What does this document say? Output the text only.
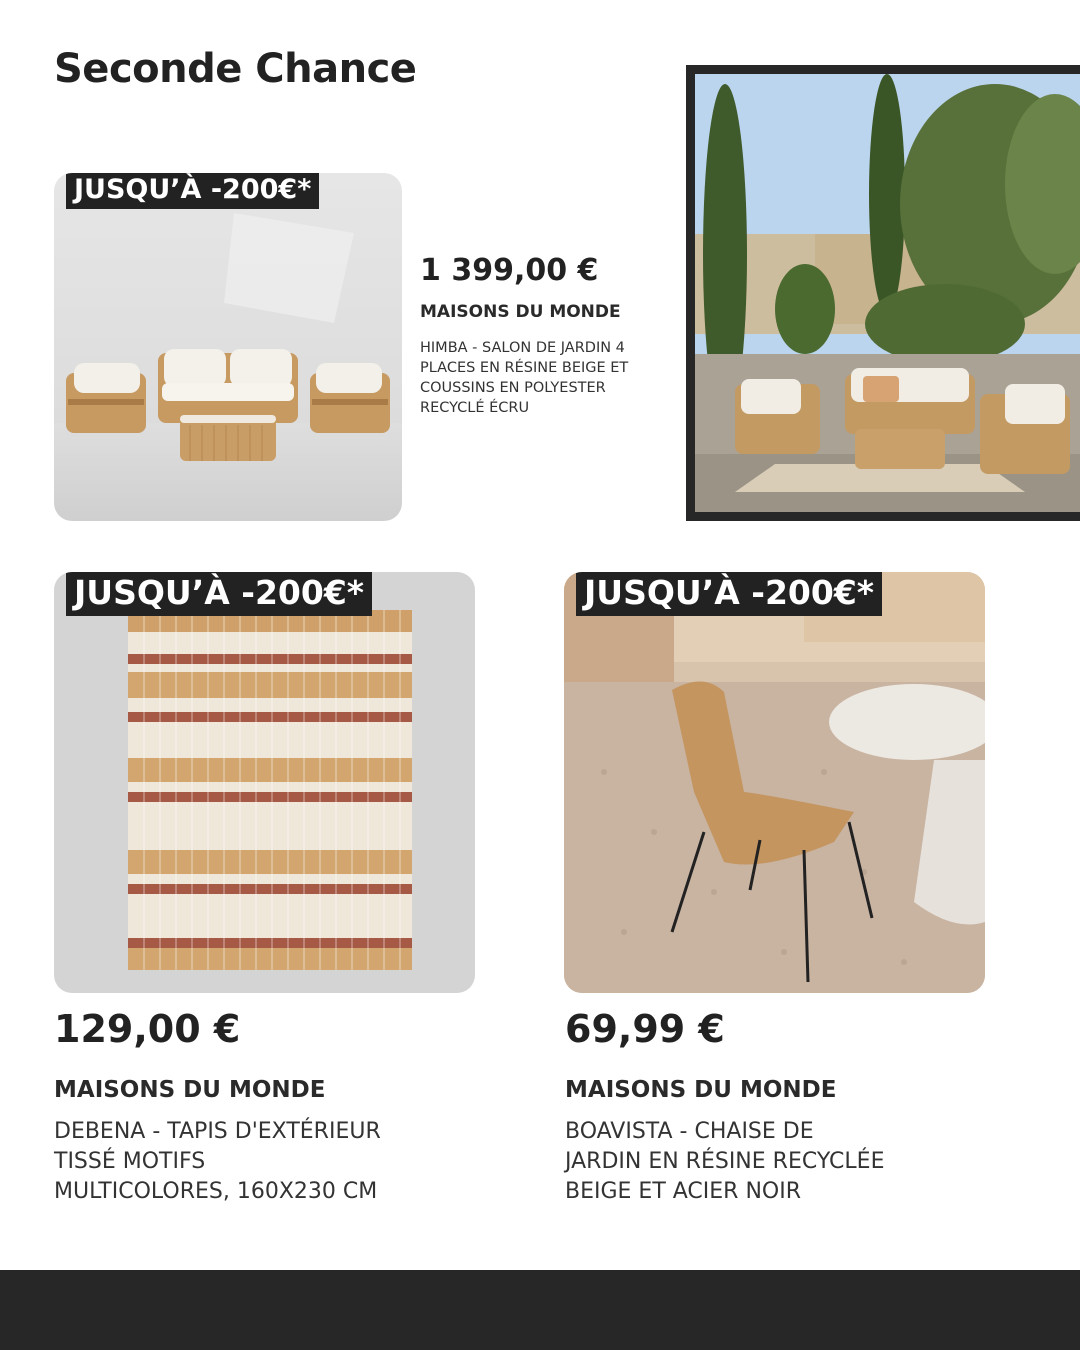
Seconde Chance
JUSQU’À -200€*
1 399,00 €
MAISONS DU MONDE
HIMBA - SALON DE JARDIN 4 PLACES EN RÉSINE BEIGE ET COUSSINS EN POLYESTER RECYCLÉ ÉCRU
JUSQU’À -200€*
129,00 €
MAISONS DU MONDE
DEBENA - TAPIS D'EXTÉRIEUR TISSÉ MOTIFS MULTICOLORES, 160X230 CM
JUSQU’À -200€*
69,99 €
MAISONS DU MONDE
BOAVISTA - CHAISE DE JARDIN EN RÉSINE RECYCLÉE BEIGE ET ACIER NOIR
